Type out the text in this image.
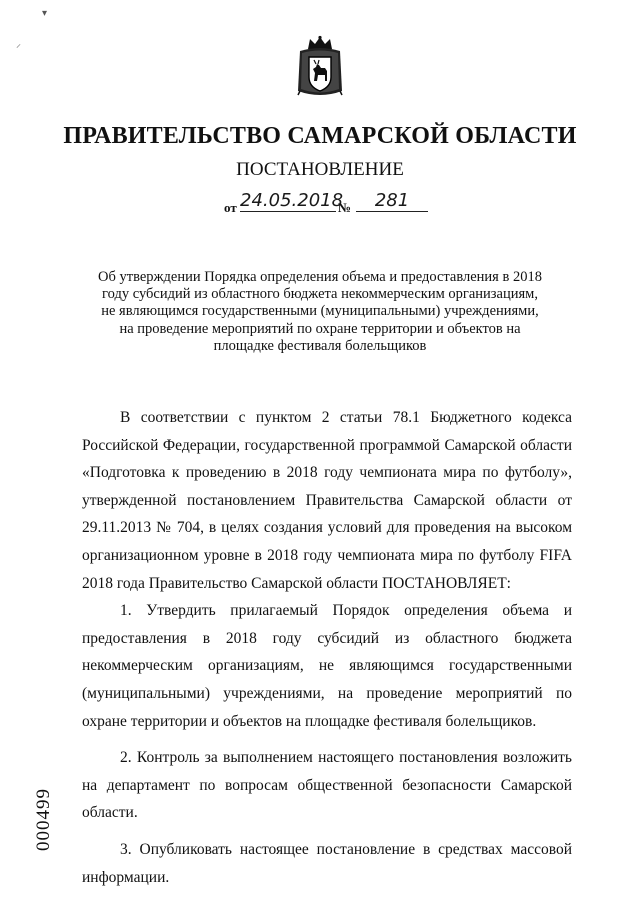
▾
⸝
ПРАВИТЕЛЬСТВО САМАРСКОЙ ОБЛАСТИ
ПОСТАНОВЛЕНИЕ
от 24.05.2018
№	281
Об утверждении Порядка определения объема и предоставления в 2018 году субсидий из областного бюджета некоммерческим организациям, не являющимся государственными (муниципальными) учреждениями, на проведение мероприятий по охране территории и объектов на площадке фестиваля болельщиков

В соответствии с пунктом 2 статьи 78.1 Бюджетного кодекса Российской Федерации, государственной программой Самарской области «Подготовка к проведению в 2018 году чемпионата мира по футболу», утвержденной постановлением Правительства Самарской области от 29.11.2013 № 704, в целях создания условий для проведения на высоком организационном уровне в 2018 году чемпионата мира по футболу FIFA 2018 года Правительство Самарской области ПОСТАНОВЛЯЕТ:

1. Утвердить прилагаемый Порядок определения объема и предоставления в 2018 году субсидий из областного бюджета некоммерческим организациям, не являющимся государственными (муниципальными) учреждениями, на проведение мероприятий по охране территории и объектов на площадке фестиваля болельщиков.

2. Контроль за выполнением настоящего постановления возложить на департамент по вопросам общественной безопасности Самарской области.

3. Опубликовать настоящее постановление в средствах массовой информации.

000499
